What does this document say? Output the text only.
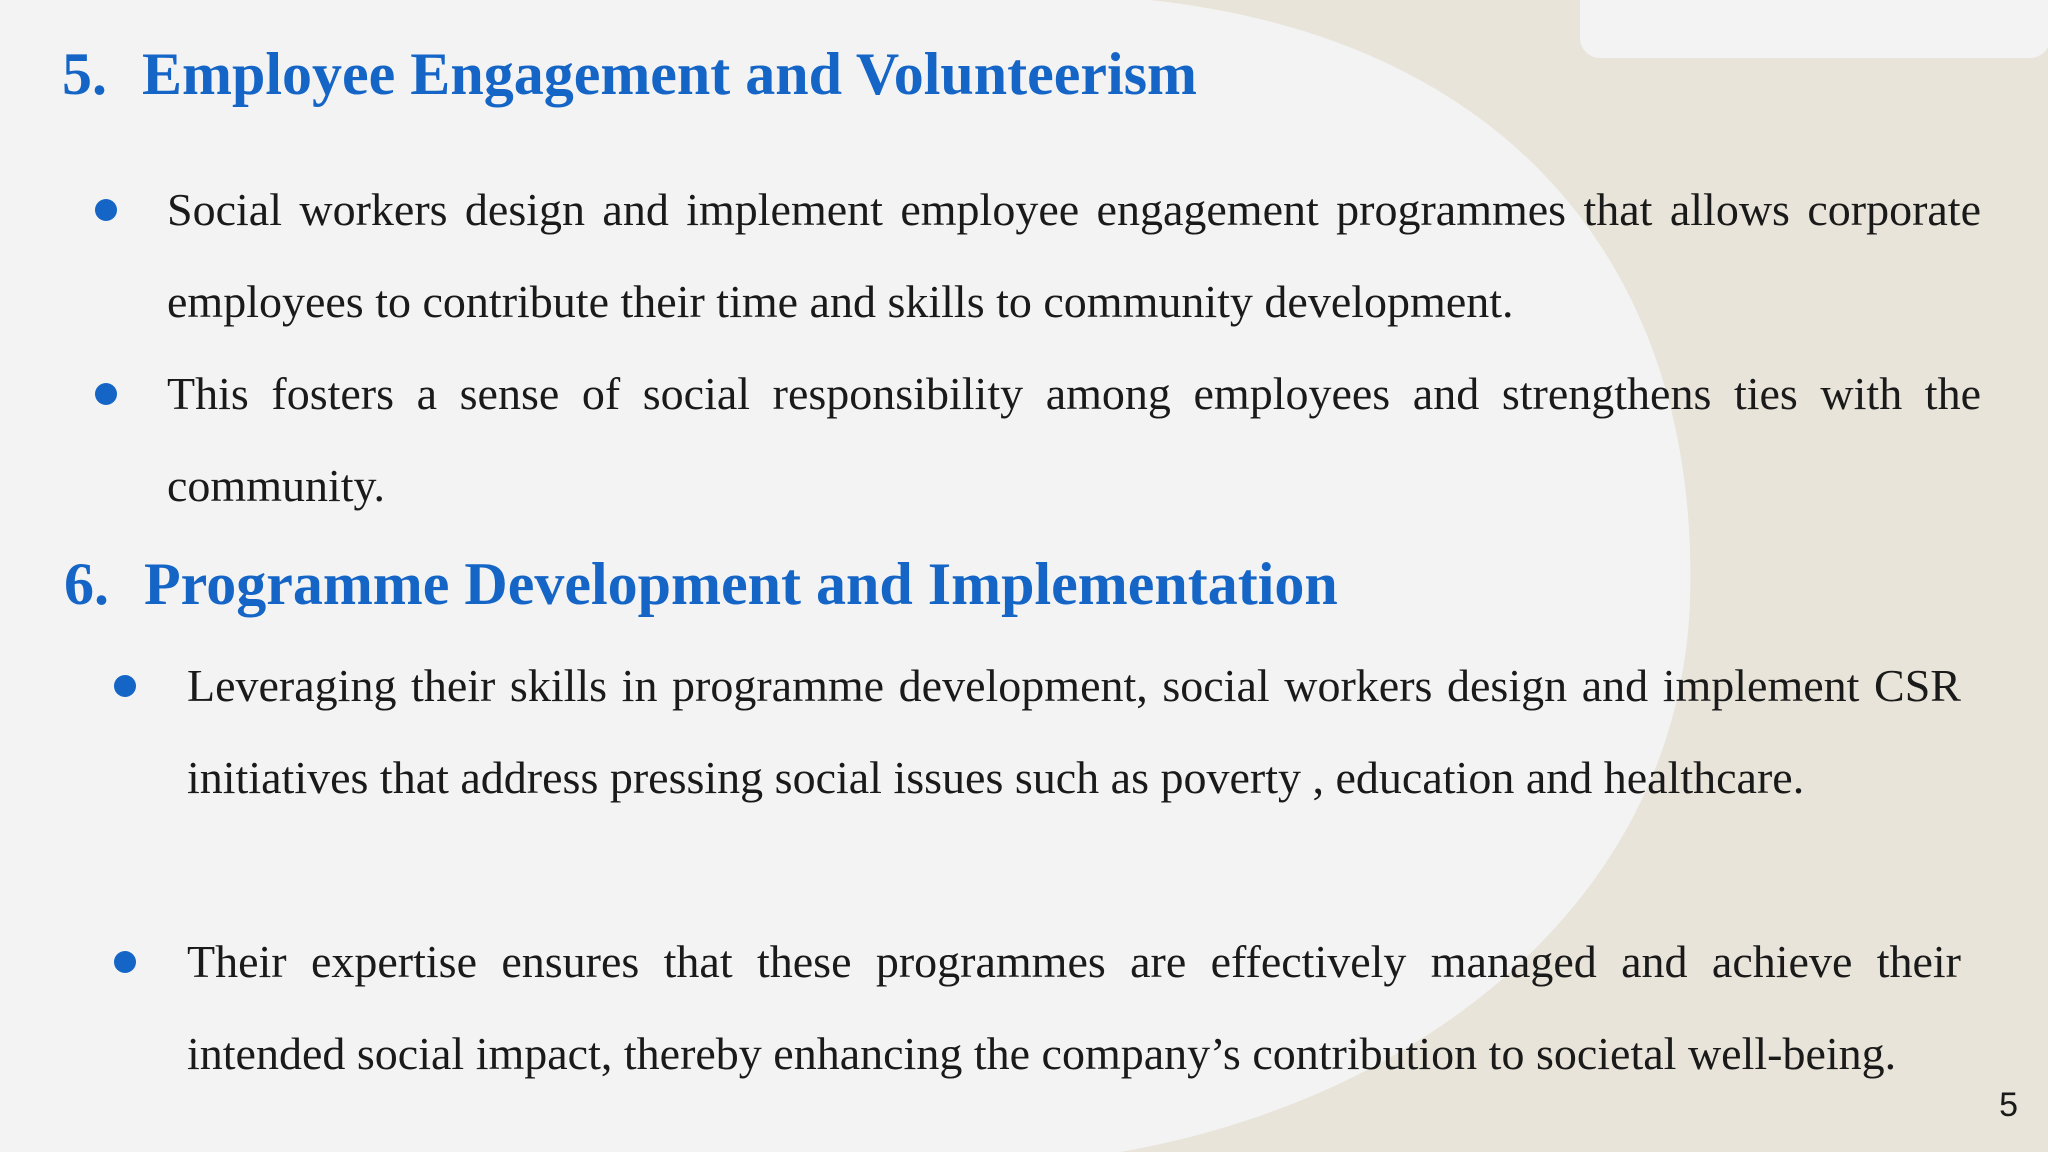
5. Employee Engagement and Volunteerism

Social workers design and implement employee engagement programmes that allows corporate employees to contribute their time and skills to community development.

This fosters a sense of social responsibility among employees and strengthens ties with the community.

6. Programme Development and Implementation

Leveraging their skills in programme development, social workers design and implement CSR initiatives that address pressing social issues such as poverty , education and healthcare.

Their expertise ensures that these programmes are effectively managed and achieve their intended social impact, thereby enhancing the company’s contribution to societal well-being.

5
